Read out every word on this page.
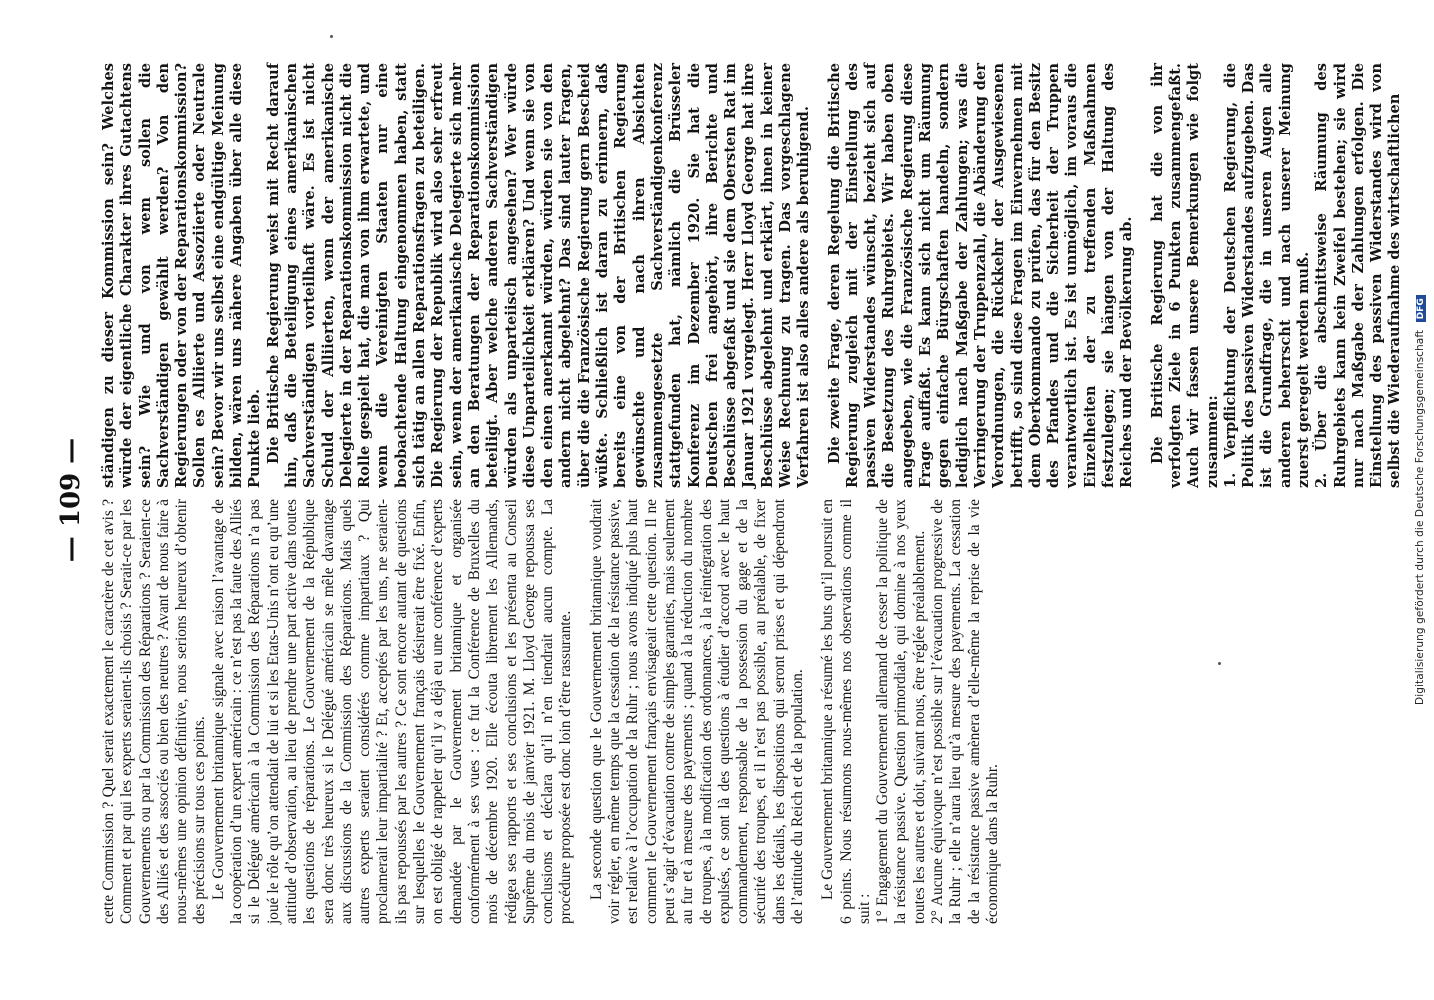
— 109 — cette Commission ? Quel serait exactement le caractère de cet avis ? Comment et par qui les experts seraient-ils choisis ? Serait-ce par les Gouvernements ou par la Commission des Réparations ? Seraient-ce des Alliés et des associés ou bien des neutres ? Avant de nous faire à nous-mêmes une opinion définitive, nous serions heureux d’obtenir des précisions sur tous ces points. Le Gouvernement britannique signale avec raison l’avantage de la coopération d’un expert américain : ce n’est pas la faute des Alliés si le Délégué américain à la Commission des Réparations n’a pas joué le rôle qu’on attendait de lui et si les Etats-Unis n’ont eu qu’une attitude d’observation, au lieu de prendre une part active dans toutes les questions de réparations. Le Gouvernement de la République sera donc très heureux si le Délégué américain se mêle davantage aux discussions de la Commission des Réparations. Mais quels autres experts seraient considérés comme impartiaux ? Qui proclamerait leur impartialité ? Et, acceptés par les uns, ne seraient-ils pas repoussés par les autres ? Ce sont encore autant de questions sur lesquelles le Gouvernement français désirerait être fixé. Enfin, on est obligé de rappeler qu’il y a déjà eu une conférence d’experts demandée par le Gouvernement britannique et organisée conformément à ses vues : ce fut la Conférence de Bruxelles du mois de décembre 1920. Elle écouta librement les Allemands, rédigea ses rapports et ses conclusions et les présenta au Conseil Suprême du mois de janvier 1921. M. Lloyd George repoussa ses conclusions et déclara qu’il n’en tiendrait aucun compte. La procédure proposée est donc loin d’être rassurante. La seconde question que le Gouvernement britannique voudrait voir régler, en même temps que la cessation de la résistance passive, est relative à l’occupation de la Ruhr ; nous avons indiqué plus haut comment le Gouvernement français envisageait cette question. Il ne peut s’agir d’évacuation contre de simples garanties, mais seulement au fur et à mesure des payements ; quand à la réduction du nombre de troupes, à la modification des ordonnances, à la réintégration des expulsés, ce sont là des questions à étudier d’accord avec le haut commandement, responsable de la possession du gage et de la sécurité des troupes, et il n’est pas possible, au préalable, de fixer dans les détails, les dispositions qui seront prises et qui dépendront de l’attitude du Reich et de la population. Le Gouvernement britannique a résumé les buts qu’il poursuit en 6 points. Nous résumons nous-mêmes nos observations comme il suit : 1° Engagement du Gouvernement allemand de cesser la politique de la résistance passive. Question primordiale, qui domine à nos yeux toutes les autres et doit, suivant nous, être réglée préalablement. 2° Aucune équivoque n’est possible sur l’évacuation progressive de la Ruhr ; elle n’aura lieu qu’à mesure des payements. La cessation de la résistance passive amènera d’elle-même la reprise de la vie économique dans la Ruhr.

ständigen zu dieser Kommission sein? Welches würde der eigentliche Charakter ihres Gutachtens sein? Wie und von wem sollen die Sachverständigen gewählt werden? Von den Regierungen oder von der Reparationskommission? Sollen es Alliierte und Assoziierte oder Neutrale sein? Bevor wir uns selbst eine endgültige Meinung bilden, wären uns nähere Angaben über alle diese Punkte lieb. Die Britische Regierung weist mit Recht darauf hin, daß die Beteiligung eines amerikanischen Sachverständigen vorteilhaft wäre. Es ist nicht Schuld der Alliierten, wenn der amerikanische Delegierte in der Reparationskommission nicht die Rolle gespielt hat, die man von ihm erwartete, und wenn die Vereinigten Staaten nur eine beobachtende Haltung eingenommen haben, statt sich tätig an allen Reparationsfragen zu beteiligen. Die Regierung der Republik wird also sehr erfreut sein, wenn der amerikanische Delegierte sich mehr an den Beratungen der Reparationskommission beteiligt. Aber welche anderen Sachverständigen würden als unparteiisch angesehen? Wer würde diese Unparteilichkeit erklären? Und wenn sie von den einen anerkannt würden, würden sie von den andern nicht abgelehnt? Das sind lauter Fragen, über die die Französische Regierung gern Bescheid wüßte. Schließlich ist daran zu erinnern, daß bereits eine von der Britischen Regierung gewünschte und nach ihren Absichten zusammengesetzte Sachverständigenkonferenz stattgefunden hat, nämlich die Brüsseler Konferenz im Dezember 1920. Sie hat die Deutschen frei angehört, ihre Berichte und Beschlüsse abgefaßt und sie dem Obersten Rat im Januar 1921 vorgelegt. Herr Lloyd George hat ihre Beschlüsse abgelehnt und erklärt, ihnen in keiner Weise Rechnung zu tragen. Das vorgeschlagene Verfahren ist also alles andere als beruhigend. Die zweite Frage, deren Regelung die Britische Regierung zugleich mit der Einstellung des passiven Widerstandes wünscht, bezieht sich auf die Besetzung des Ruhrgebiets. Wir haben oben angegeben, wie die Französische Regierung diese Frage auffaßt. Es kann sich nicht um Räumung gegen einfache Bürgschaften handeln, sondern lediglich nach Maßgabe der Zahlungen; was die Verringerung der Truppenzahl, die Abänderung der Verordnungen, die Rückkehr der Ausgewiesenen betrifft, so sind diese Fragen im Einvernehmen mit dem Oberkommando zu prüfen, das für den Besitz des Pfandes und die Sicherheit der Truppen verantwortlich ist. Es ist unmöglich, im voraus die Einzelheiten der zu treffenden Maßnahmen festzulegen; sie hängen von der Haltung des Reiches und der Bevölkerung ab. Die Britische Regierung hat die von ihr verfolgten Ziele in 6 Punkten zusammengefaßt. Auch wir fassen unsere Bemerkungen wie folgt zusammen: 1. Verpflichtung der Deutschen Regierung, die Politik des passiven Widerstandes aufzugeben. Das ist die Grundfrage, die in unseren Augen alle anderen beherrscht und nach unserer Meinung zuerst geregelt werden muß. 2. Über die abschnittsweise Räumung des Ruhrgebiets kann kein Zweifel bestehen; sie wird nur nach Maßgabe der Zahlungen erfolgen. Die Einstellung des passiven Widerstandes wird von selbst die Wiederaufnahme des wirtschaftlichen

Digitalisierung gefördert durch die Deutsche Forschungsgemeinschaft DFG
